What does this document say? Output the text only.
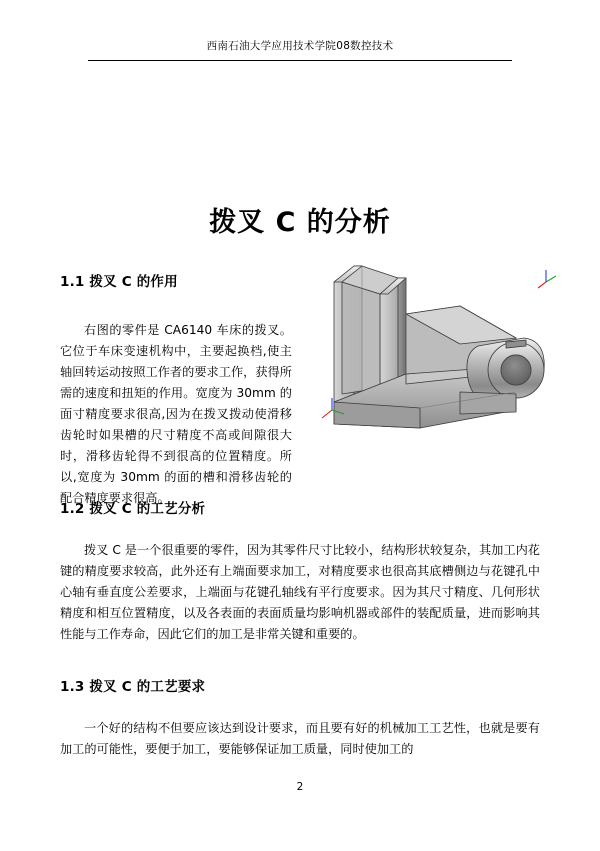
西南石油大学应用技术学院08数控技术
拨叉 C 的分析
1.1 拨叉 C 的作用
右图的零件是 CA6140 车床的拨叉。它位于车床变速机构中，主要起换档,使主轴回转运动按照工作者的要求工作，获得所需的速度和扭矩的作用。宽度为 30mm 的面寸精度要求很高,因为在拨叉拨动使滑移齿轮时如果槽的尺寸精度不高或间隙很大时，滑移齿轮得不到很高的位置精度。所以,宽度为 30mm 的面的槽和滑移齿轮的配合精度要求很高。
1.2 拨叉 C 的工艺分析
拨叉 C 是一个很重要的零件，因为其零件尺寸比较小，结构形状较复杂，其加工内花键的精度要求较高，此外还有上端面要求加工，对精度要求也很高其底槽侧边与花键孔中心轴有垂直度公差要求，上端面与花键孔轴线有平行度要求。因为其尺寸精度、几何形状精度和相互位置精度，以及各表面的表面质量均影响机器或部件的装配质量，进而影响其性能与工作寿命，因此它们的加工是非常关键和重要的。
1.3 拨叉 C 的工艺要求
一个好的结构不但要应该达到设计要求，而且要有好的机械加工工艺性，也就是要有加工的可能性，要便于加工，要能够保证加工质量，同时使加工的
2
